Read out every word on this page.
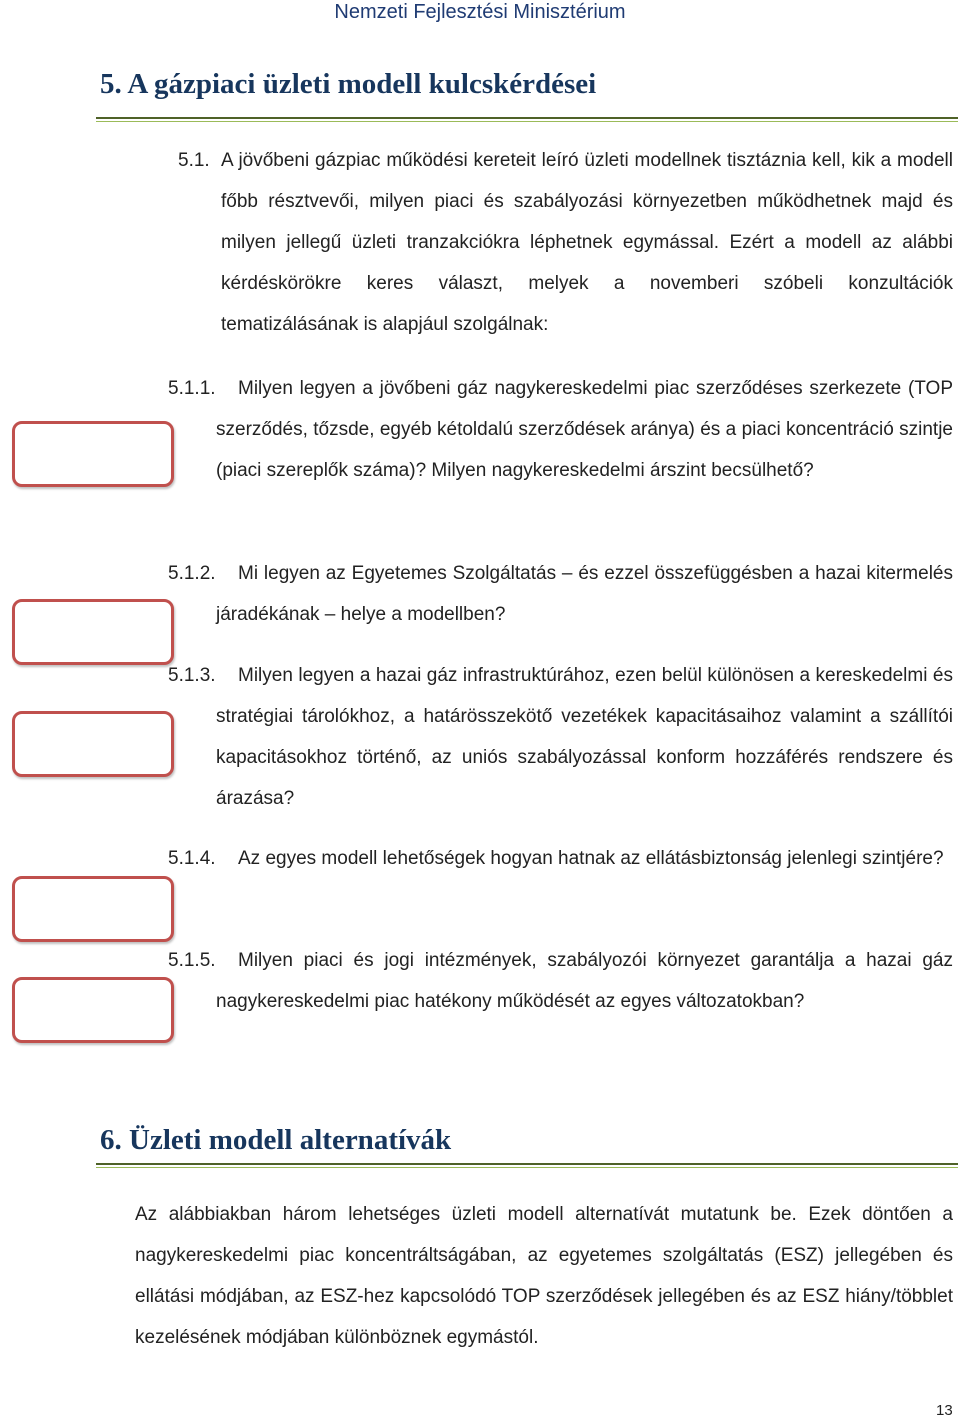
Nemzeti Fejlesztési Minisztérium
5. A gázpiaci üzleti modell kulcskérdései
5.1. A jövőbeni gázpiac működési kereteit leíró üzleti modellnek tisztáznia kell, kik a modell főbb résztvevői, milyen piaci és szabályozási környezetben működhetnek majd és milyen jellegű üzleti tranzakciókra léphetnek egymással. Ezért a modell az alábbi kérdéskörökre keres választ, melyek a novemberi szóbeli konzultációk tematizálásának is alapjául szolgálnak:
5.1.1.	Milyen legyen a jövőbeni gáz nagykereskedelmi piac szerződéses szerkezete (TOP szerződés, tőzsde, egyéb kétoldalú szerződések aránya) és a piaci koncentráció szintje (piaci szereplők száma)? Milyen nagykereskedelmi árszint becsülhető?
5.1.2.	Mi legyen az Egyetemes Szolgáltatás – és ezzel összefüggésben a hazai kitermelés járadékának – helye a modellben?
5.1.3.	Milyen legyen a hazai gáz infrastruktúrához, ezen belül különösen a kereskedelmi és stratégiai tárolókhoz, a határösszekötő vezetékek kapacitásaihoz valamint a szállítói kapacitásokhoz történő, az uniós szabályozással konform hozzáférés rendszere és árazása?
5.1.4.	Az egyes modell lehetőségek hogyan hatnak az ellátásbiztonság jelenlegi szintjére?
5.1.5.	Milyen piaci és jogi intézmények, szabályozói környezet garantálja a hazai gáz nagykereskedelmi piac hatékony működését az egyes változatokban?
6. Üzleti modell alternatívák
Az alábbiakban három lehetséges üzleti modell alternatívát mutatunk be. Ezek döntően a nagykereskedelmi piac koncentráltságában, az egyetemes szolgáltatás (ESZ) jellegében és ellátási módjában, az ESZ-hez kapcsolódó TOP szerződések jellegében és az ESZ hiány/többlet kezelésének módjában különböznek egymástól.
13
